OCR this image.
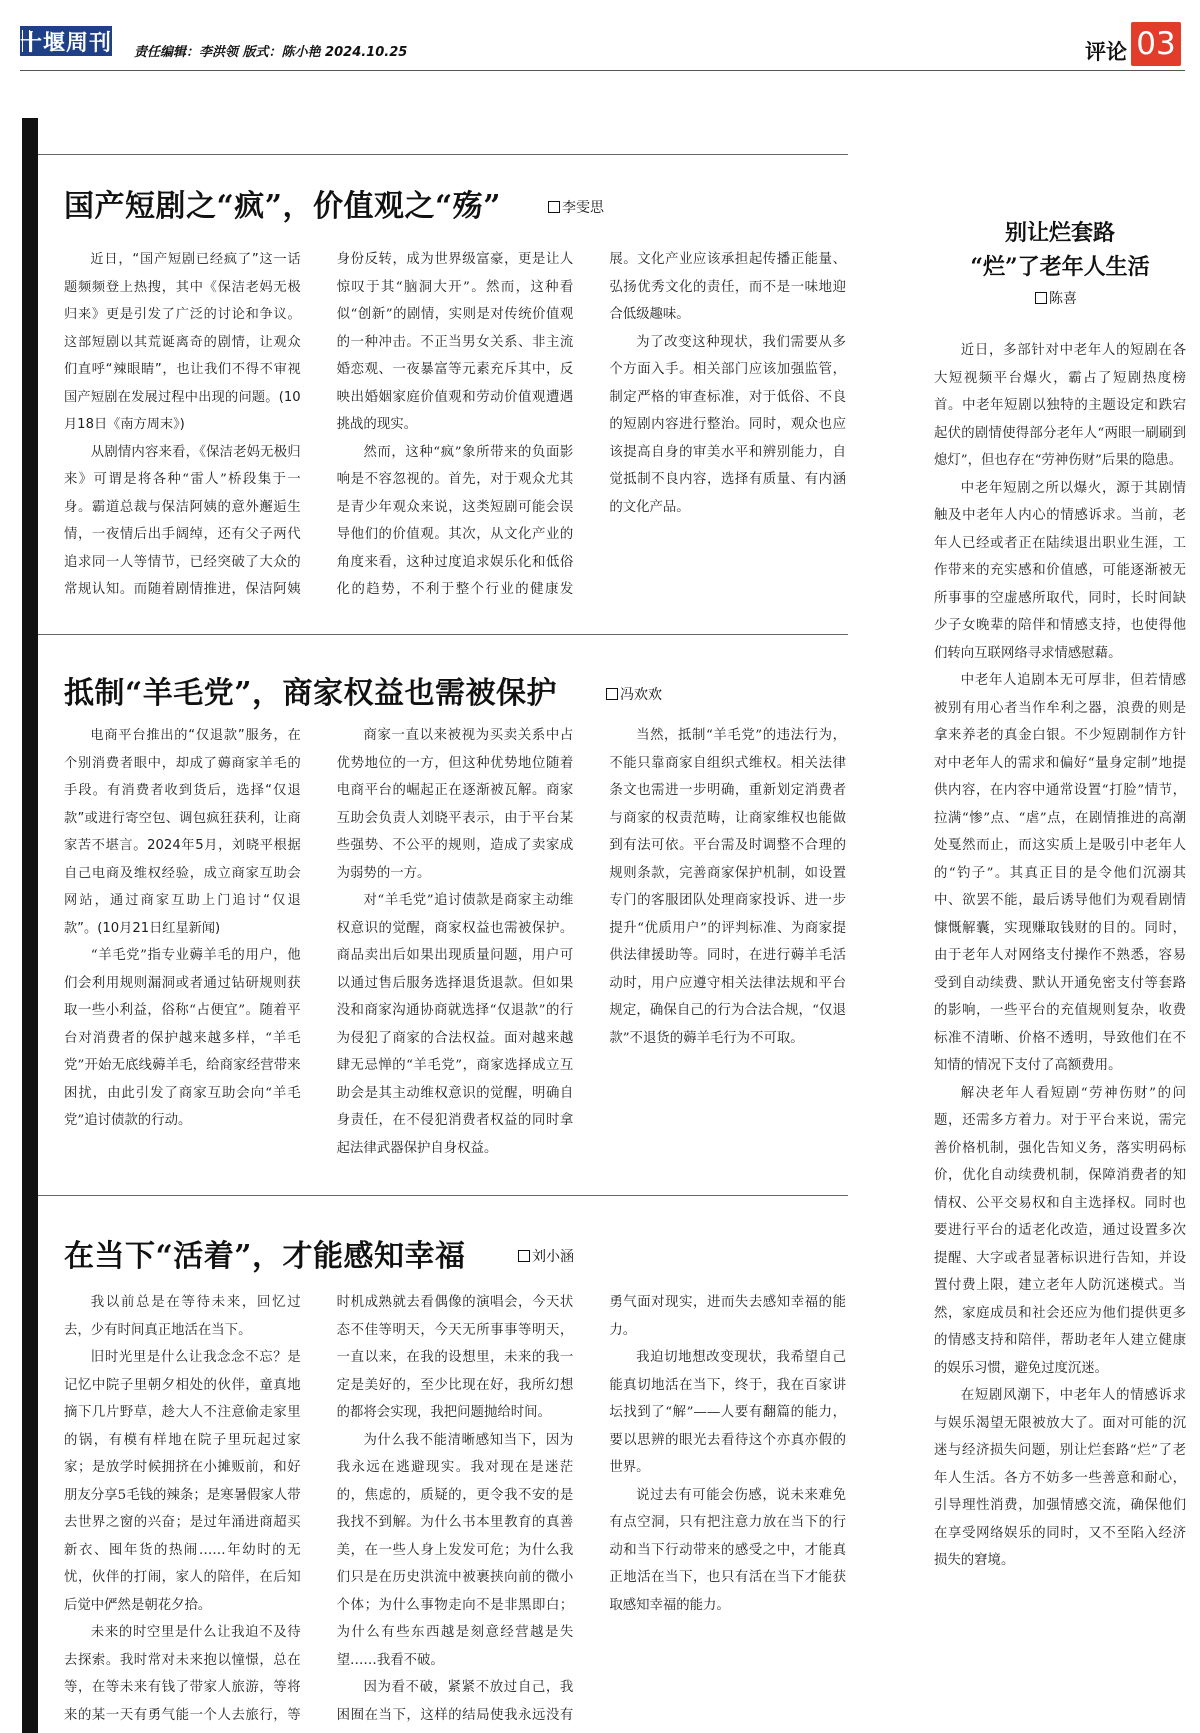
十堰周刊 责任编辑：李洪领 版式：陈小艳 2024.10.25	评论 03
国产短剧之“疯”，价值观之“殇”	李雯思

近日，“国产短剧已经疯了”这一话题频频登上热搜，其中《保洁老妈无极归来》更是引发了广泛的讨论和争议。这部短剧以其荒诞离奇的剧情，让观众们直呼“辣眼睛”，也让我们不得不审视国产短剧在发展过程中出现的问题。(10月18日《南方周末》)

从剧情内容来看，《保洁老妈无极归来》可谓是将各种“雷人”桥段集于一身。霸道总裁与保洁阿姨的意外邂逅生情，一夜情后出手阔绰，还有父子两代追求同一人等情节，已经突破了大众的常规认知。而随着剧情推进，保洁阿姨身份反转，成为世界级富豪，更是让人惊叹于其“脑洞大开”。然而，这种看似“创新”的剧情，实则是对传统价值观的一种冲击。不正当男女关系、非主流婚恋观、一夜暴富等元素充斥其中，反映出婚姻家庭价值观和劳动价值观遭遇挑战的现实。

然而，这种“疯”象所带来的负面影响是不容忽视的。首先，对于观众尤其是青少年观众来说，这类短剧可能会误导他们的价值观。其次，从文化产业的角度来看，这种过度追求娱乐化和低俗化的趋势，不利于整个行业的健康发展。文化产业应该承担起传播正能量、弘扬优秀文化的责任，而不是一味地迎合低级趣味。

为了改变这种现状，我们需要从多个方面入手。相关部门应该加强监管，制定严格的审查标准，对于低俗、不良的短剧内容进行整治。同时，观众也应该提高自身的审美水平和辨别能力，自觉抵制不良内容，选择有质量、有内涵的文化产品。

抵制“羊毛党”，商家权益也需被保护	冯欢欢

电商平台推出的“仅退款”服务，在个别消费者眼中，却成了薅商家羊毛的手段。有消费者收到货后，选择“仅退款”或进行寄空包、调包疯狂获利，让商家苦不堪言。2024年5月，刘晓平根据自己电商及维权经验，成立商家互助会网站，通过商家互助上门追讨“仅退款”。(10月21日红星新闻)

“羊毛党”指专业薅羊毛的用户，他们会利用规则漏洞或者通过钻研规则获取一些小利益，俗称“占便宜”。随着平台对消费者的保护越来越多样，“羊毛党”开始无底线薅羊毛，给商家经营带来困扰，由此引发了商家互助会向“羊毛党”追讨债款的行动。

商家一直以来被视为买卖关系中占优势地位的一方，但这种优势地位随着电商平台的崛起正在逐渐被瓦解。商家互助会负责人刘晓平表示，由于平台某些强势、不公平的规则，造成了卖家成为弱势的一方。

对“羊毛党”追讨债款是商家主动维权意识的觉醒，商家权益也需被保护。商品卖出后如果出现质量问题，用户可以通过售后服务选择退货退款。但如果没和商家沟通协商就选择“仅退款”的行为侵犯了商家的合法权益。面对越来越肆无忌惮的“羊毛党”，商家选择成立互助会是其主动维权意识的觉醒，明确自身责任，在不侵犯消费者权益的同时拿起法律武器保护自身权益。

当然，抵制“羊毛党”的违法行为，不能只靠商家自组织式维权。相关法律条文也需进一步明确，重新划定消费者与商家的权责范畴，让商家维权也能做到有法可依。平台需及时调整不合理的规则条款，完善商家保护机制，如设置专门的客服团队处理商家投诉、进一步提升“优质用户”的评判标准、为商家提供法律援助等。同时，在进行薅羊毛活动时，用户应遵守相关法律法规和平台规定，确保自己的行为合法合规，“仅退款”不退货的薅羊毛行为不可取。

在当下“活着”，才能感知幸福	刘小涵

我以前总是在等待未来，回忆过去，少有时间真正地活在当下。

旧时光里是什么让我念念不忘？是记忆中院子里朝夕相处的伙伴，童真地摘下几片野草，趁大人不注意偷走家里的锅，有模有样地在院子里玩起过家家；是放学时候拥挤在小摊贩前，和好朋友分享5毛钱的辣条；是寒暑假家人带去世界之窗的兴奋；是过年涌进商超买新衣、囤年货的热闹……年幼时的无忧，伙伴的打闹，家人的陪伴，在后知后觉中俨然是朝花夕拾。

未来的时空里是什么让我迫不及待去探索。我时常对未来抱以憧憬，总在等，在等未来有钱了带家人旅游，等将来的某一天有勇气能一个人去旅行，等时机成熟就去看偶像的演唱会，今天状态不佳等明天，今天无所事事等明天，一直以来，在我的设想里，未来的我一定是美好的，至少比现在好，我所幻想的都将会实现，我把问题抛给时间。

为什么我不能清晰感知当下，因为我永远在逃避现实。我对现在是迷茫的，焦虑的，质疑的，更令我不安的是我找不到解。为什么书本里教育的真善美，在一些人身上发发可危；为什么我们只是在历史洪流中被裹挟向前的微小个体；为什么事物走向不是非黑即白；为什么有些东西越是刻意经营越是失望……我看不破。

因为看不破，紧紧不放过自己，我困囿在当下，这样的结局使我永远没有勇气面对现实，进而失去感知幸福的能力。

我迫切地想改变现状，我希望自己能真切地活在当下，终于，我在百家讲坛找到了“解”——人要有翻篇的能力，要以思辨的眼光去看待这个亦真亦假的世界。

说过去有可能会伤感，说未来难免有点空洞，只有把注意力放在当下的行动和当下行动带来的感受之中，才能真正地活在当下，也只有活在当下才能获取感知幸福的能力。

别让烂套路
“烂”了老年人生活
陈喜

近日，多部针对中老年人的短剧在各大短视频平台爆火，霸占了短剧热度榜首。中老年短剧以独特的主题设定和跌宕起伏的剧情使得部分老年人“两眼一刷刷到熄灯”，但也存在“劳神伤财”后果的隐患。

中老年短剧之所以爆火，源于其剧情触及中老年人内心的情感诉求。当前，老年人已经或者正在陆续退出职业生涯，工作带来的充实感和价值感，可能逐渐被无所事事的空虚感所取代，同时，长时间缺少子女晚辈的陪伴和情感支持，也使得他们转向互联网络寻求情感慰藉。

中老年人追剧本无可厚非，但若情感被别有用心者当作牟利之器，浪费的则是拿来养老的真金白银。不少短剧制作方针对中老年人的需求和偏好“量身定制”地提供内容，在内容中通常设置“打脸”情节，拉满“惨”点、“虐”点，在剧情推进的高潮处戛然而止，而这实质上是吸引中老年人的“钓子”。其真正目的是令他们沉溺其中、欲罢不能，最后诱导他们为观看剧情慷慨解囊，实现赚取钱财的目的。同时，由于老年人对网络支付操作不熟悉，容易受到自动续费、默认开通免密支付等套路的影响，一些平台的充值规则复杂，收费标准不清晰、价格不透明，导致他们在不知情的情况下支付了高额费用。

解决老年人看短剧“劳神伤财”的问题，还需多方着力。对于平台来说，需完善价格机制，强化告知义务，落实明码标价，优化自动续费机制，保障消费者的知情权、公平交易权和自主选择权。同时也要进行平台的适老化改造，通过设置多次提醒、大字或者显著标识进行告知，并设置付费上限，建立老年人防沉迷模式。当然，家庭成员和社会还应为他们提供更多的情感支持和陪伴，帮助老年人建立健康的娱乐习惯，避免过度沉迷。

在短剧风潮下，中老年人的情感诉求与娱乐渴望无限被放大了。面对可能的沉迷与经济损失问题，别让烂套路“烂”了老年人生活。各方不妨多一些善意和耐心，引导理性消费，加强情感交流，确保他们在享受网络娱乐的同时，又不至陷入经济损失的窘境。
